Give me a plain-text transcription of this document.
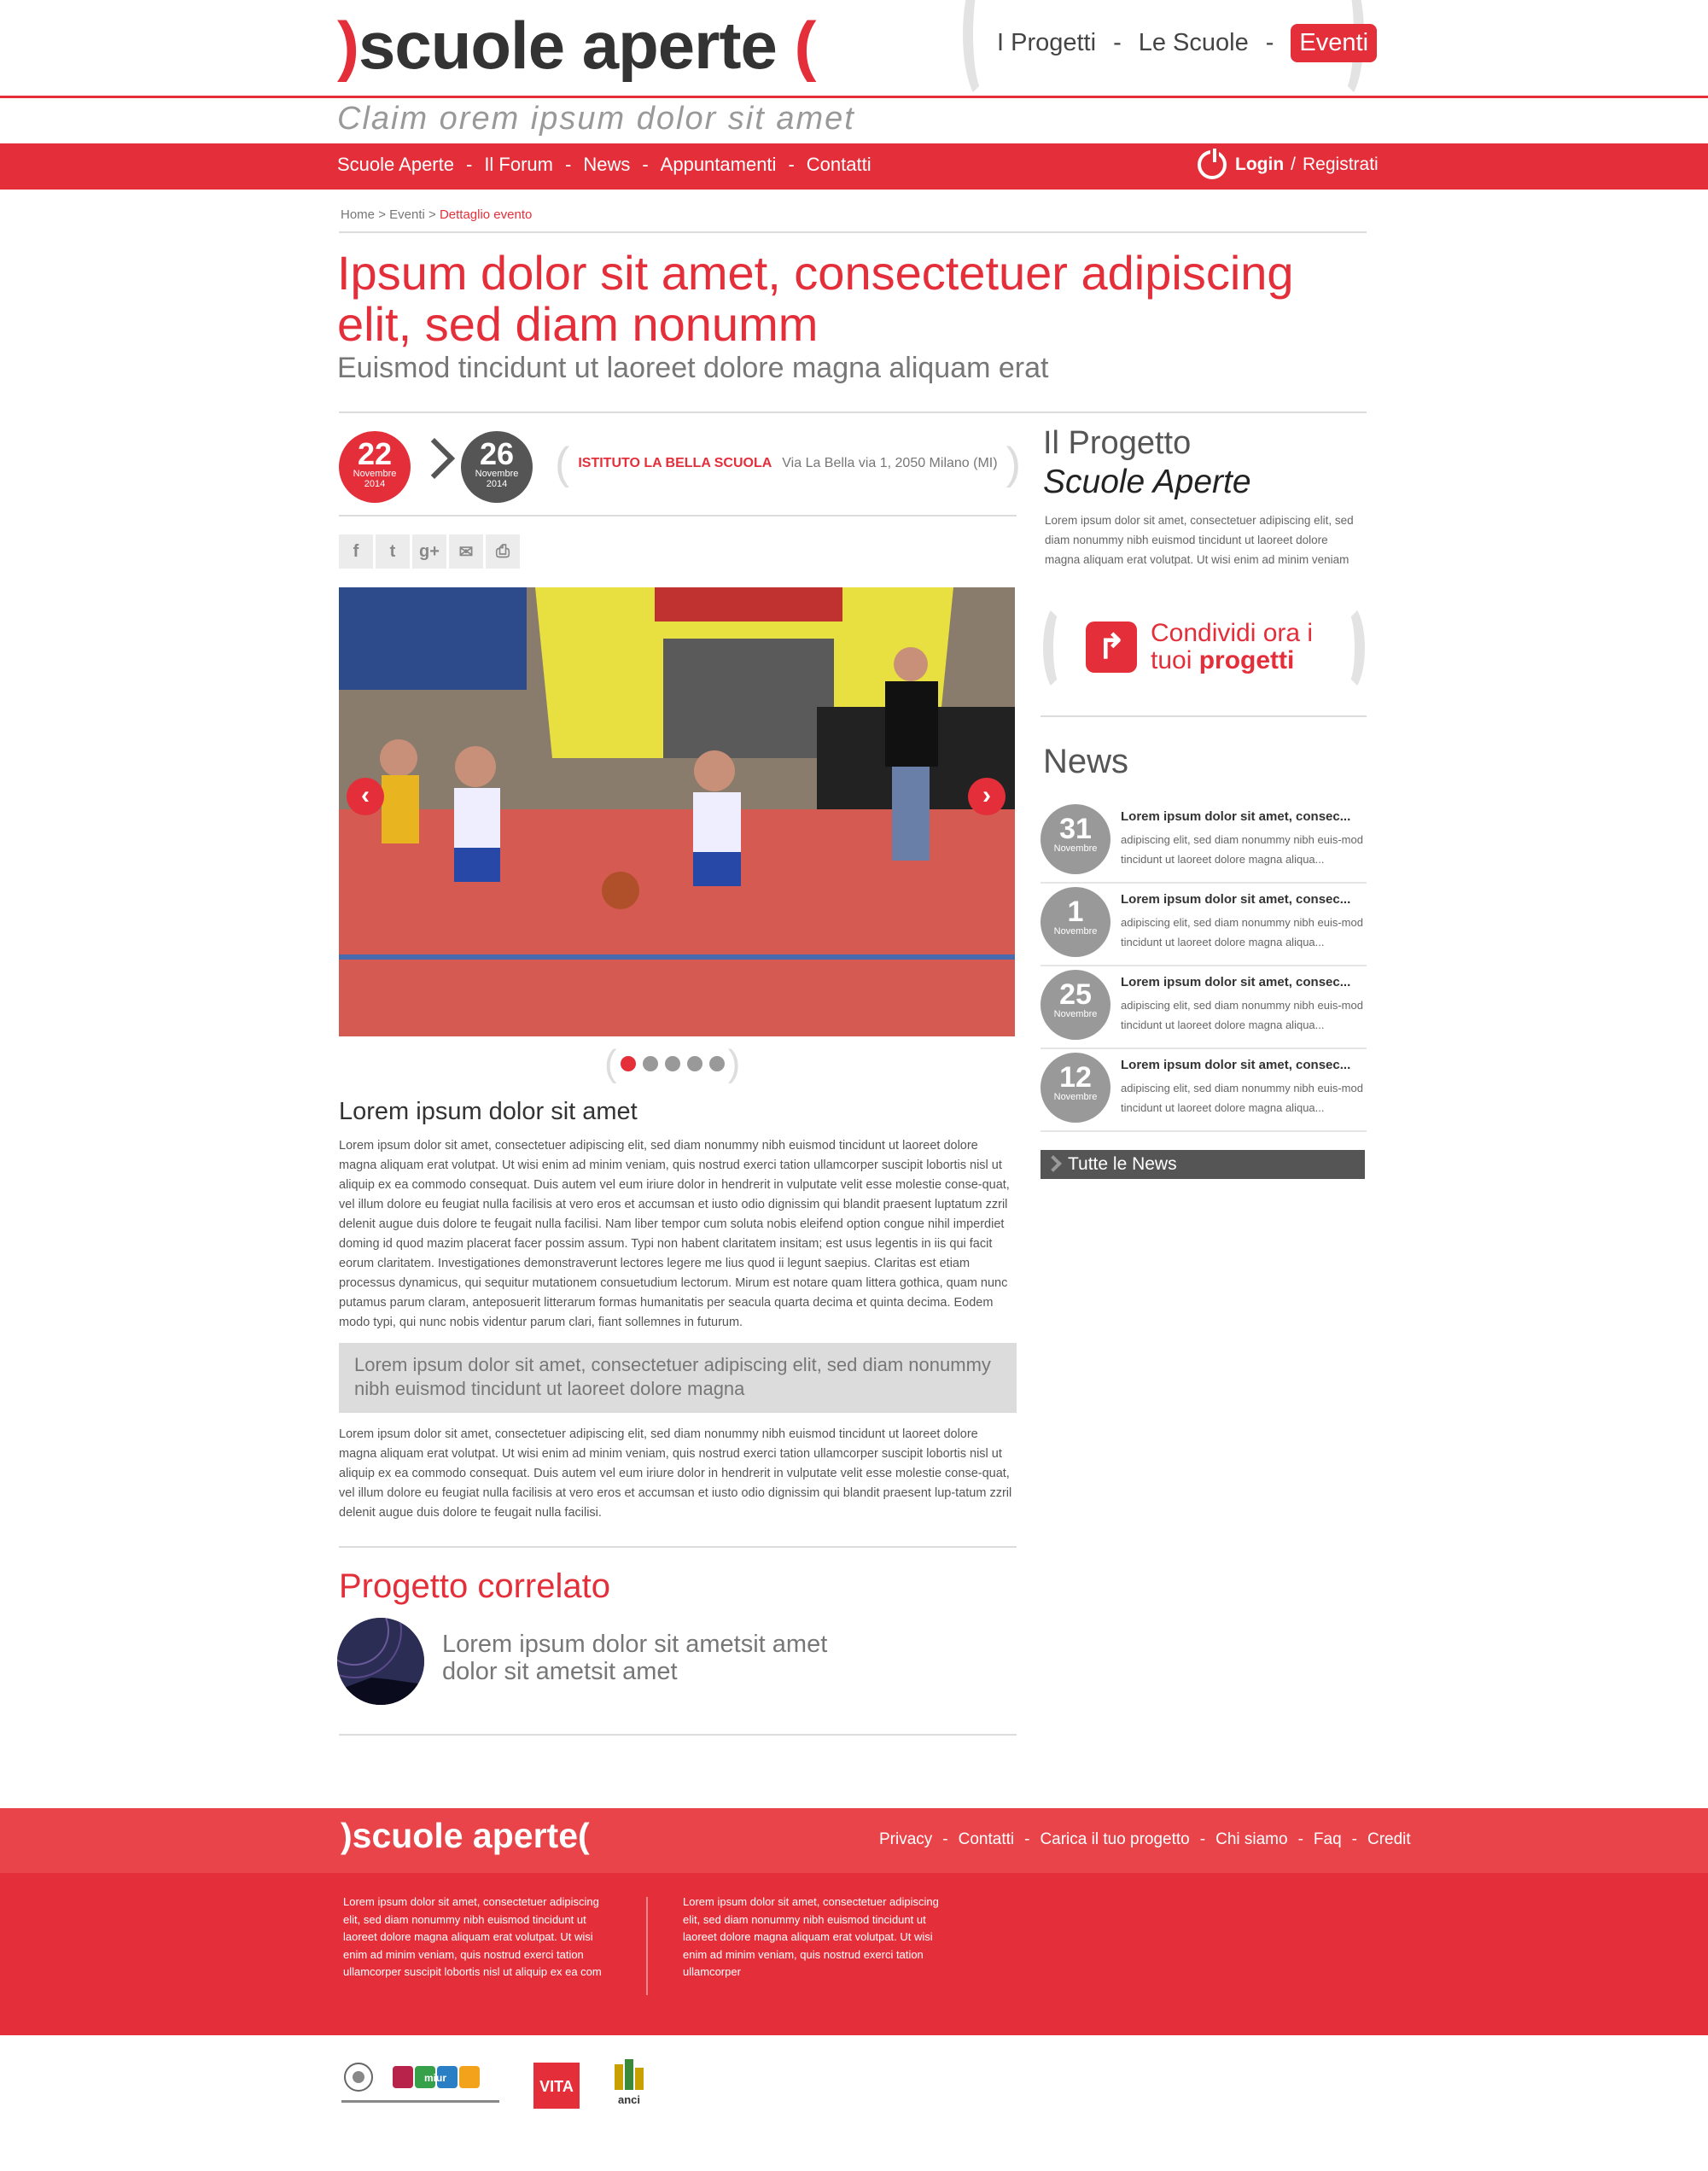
)scuole aperte (	I Progetti - Le Scuole -	Eventi
Claim orem ipsum dolor sit amet
Scuole Aperte - Il Forum - News - Appuntamenti - Contatti	Login / Registrati
Home > Eventi > Dettaglio evento
Ipsum dolor sit amet, consectetuer adipiscing elit, sed diam nonumm
Euismod tincidunt ut laoreet dolore magna aliquam erat
22
Novembre
2014
26
Novembre
2014	( ISTITUTO LA BELLA SCUOLA Via La Bella via 1, 2050 Milano (MI) )
f	t	g+	✉	⎙
‹	›
(	)
Lorem ipsum dolor sit amet
Lorem ipsum dolor sit amet, consectetuer adipiscing elit, sed diam nonummy nibh euismod tincidunt ut laoreet dolore magna aliquam erat volutpat. Ut wisi enim ad minim veniam, quis nostrud exerci tation ullamcorper suscipit lobortis nisl ut aliquip ex ea commodo consequat. Duis autem vel eum iriure dolor in hendrerit in vulputate velit esse molestie conse-quat, vel illum dolore eu feugiat nulla facilisis at vero eros et accumsan et iusto odio dignissim qui blandit praesent luptatum zzril delenit augue duis dolore te feugait nulla facilisi. Nam liber tempor cum soluta nobis eleifend option congue nihil imperdiet doming id quod mazim placerat facer possim assum. Typi non habent claritatem insitam; est usus legentis in iis qui facit eorum claritatem. Investigationes demonstraverunt lectores legere me lius quod ii legunt saepius. Claritas est etiam processus dynamicus, qui sequitur mutationem consuetudium lectorum. Mirum est notare quam littera gothica, quam nunc putamus parum claram, anteposuerit litterarum formas humanitatis per seacula quarta decima et quinta decima. Eodem modo typi, qui nunc nobis videntur parum clari, fiant sollemnes in futurum.
Lorem ipsum dolor sit amet, consectetuer adipiscing elit, sed diam nonummy nibh euismod tincidunt ut laoreet dolore magna
Lorem ipsum dolor sit amet, consectetuer adipiscing elit, sed diam nonummy nibh euismod tincidunt ut laoreet dolore magna aliquam erat volutpat. Ut wisi enim ad minim veniam, quis nostrud exerci tation ullamcorper suscipit lobortis nisl ut aliquip ex ea commodo consequat. Duis autem vel eum iriure dolor in hendrerit in vulputate velit esse molestie conse-quat, vel illum dolore eu feugiat nulla facilisis at vero eros et accumsan et iusto odio dignissim qui blandit praesent lup-tatum zzril delenit augue duis dolore te feugait nulla facilisi.
Progetto correlato
Lorem ipsum dolor sit ametsit amet dolor sit ametsit amet
Il Progetto
Scuole Aperte
Lorem ipsum dolor sit amet, consectetuer adipiscing elit, sed diam nonummy nibh euismod tincidunt ut laoreet dolore magna aliquam erat volutpat. Ut wisi enim ad minim veniam
↱ Condividi ora i
tuoi progetti
News
31
Novembre
Lorem ipsum dolor sit amet, consec...
adipiscing elit, sed diam nonummy nibh euis-mod tincidunt ut laoreet dolore magna aliqua...
1
Novembre
Lorem ipsum dolor sit amet, consec...
adipiscing elit, sed diam nonummy nibh euis-mod tincidunt ut laoreet dolore magna aliqua...
25
Novembre
Lorem ipsum dolor sit amet, consec...
adipiscing elit, sed diam nonummy nibh euis-mod tincidunt ut laoreet dolore magna aliqua...
12
Novembre
Lorem ipsum dolor sit amet, consec...
adipiscing elit, sed diam nonummy nibh euis-mod tincidunt ut laoreet dolore magna aliqua...
Tutte le News
)scuole aperte(	Privacy - Contatti - Carica il tuo progetto - Chi siamo - Faq - Credit
Lorem ipsum dolor sit amet, consectetuer adipiscing elit, sed diam nonummy nibh euismod tincidunt ut laoreet dolore magna aliquam erat volutpat. Ut wisi enim ad minim veniam, quis nostrud exerci tation ullamcorper suscipit lobortis nisl ut aliquip ex ea com
Lorem ipsum dolor sit amet, consectetuer adipiscing elit, sed diam nonummy nibh euismod tincidunt ut laoreet dolore magna aliquam erat volutpat. Ut wisi enim ad minim veniam, quis nostrud exerci tation ullamcorper
miur	VITA
anci
